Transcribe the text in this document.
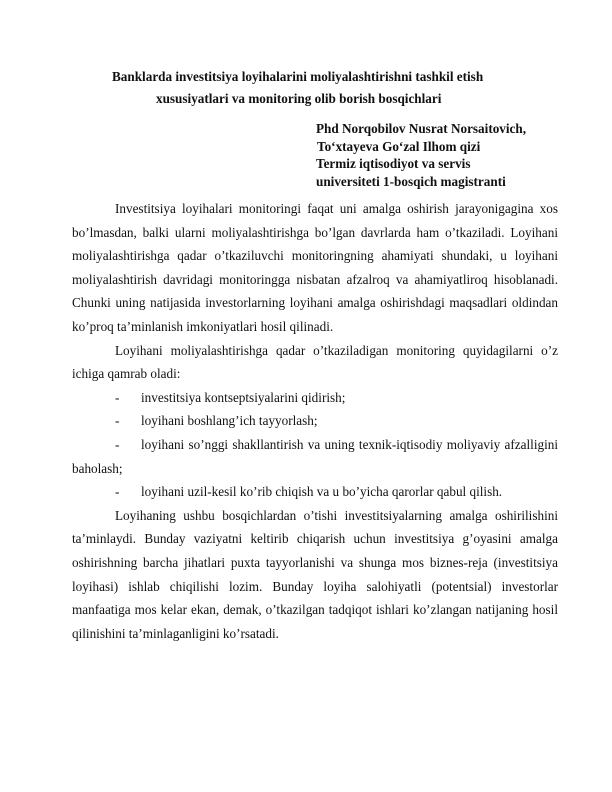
Banklarda investitsiya loyihalarini moliyalashtirishni tashkil etish
xususiyatlari va monitoring olib borish bosqichlari
Phd Norqobilov Nusrat Norsaitovich,
To‘xtayeva Go‘zal Ilhom qizi
Termiz iqtisodiyot va servis
universiteti 1-bosqich magistranti

Investitsiya loyihalari monitoringi faqat uni amalga oshirish jarayonigagina xos bo’lmasdan, balki ularni moliyalashtirishga bo’lgan davrlarda ham o’tkaziladi. Loyihani moliyalashtirishga qadar o’tkaziluvchi monitoringning ahamiyati shundaki, u loyihani moliyalashtirish davridagi monitoringga nisbatan afzalroq va ahamiyatliroq hisoblanadi. Chunki uning natijasida investorlarning loyihani amalga oshirishdagi maqsadlari oldindan ko’proq ta’minlanish imkoniyatlari hosil qilinadi.

Loyihani moliyalashtirishga qadar o’tkaziladigan monitoring quyidagilarni o’z ichiga qamrab oladi:

- investitsiya kontseptsiyalarini qidirish;

- loyihani boshlang’ich tayyorlash;

- loyihani so’nggi shakllantirish va uning texnik-iqtisodiy moliyaviy afzalligini baholash;

- loyihani uzil-kesil ko’rib chiqish va u bo’yicha qarorlar qabul qilish.

Loyihaning ushbu bosqichlardan o’tishi investitsiyalarning amalga oshirilishini ta’minlaydi. Bunday vaziyatni keltirib chiqarish uchun investitsiya g’oyasini amalga oshirishning barcha jihatlari puxta tayyorlanishi va shunga mos biznes-reja (investitsiya loyihasi) ishlab chiqilishi lozim. Bunday loyiha salohiyatli (potentsial) investorlar manfaatiga mos kelar ekan, demak, o’tkazilgan tadqiqot ishlari ko’zlangan natijaning hosil qilinishini ta’minlaganligini ko’rsatadi.
